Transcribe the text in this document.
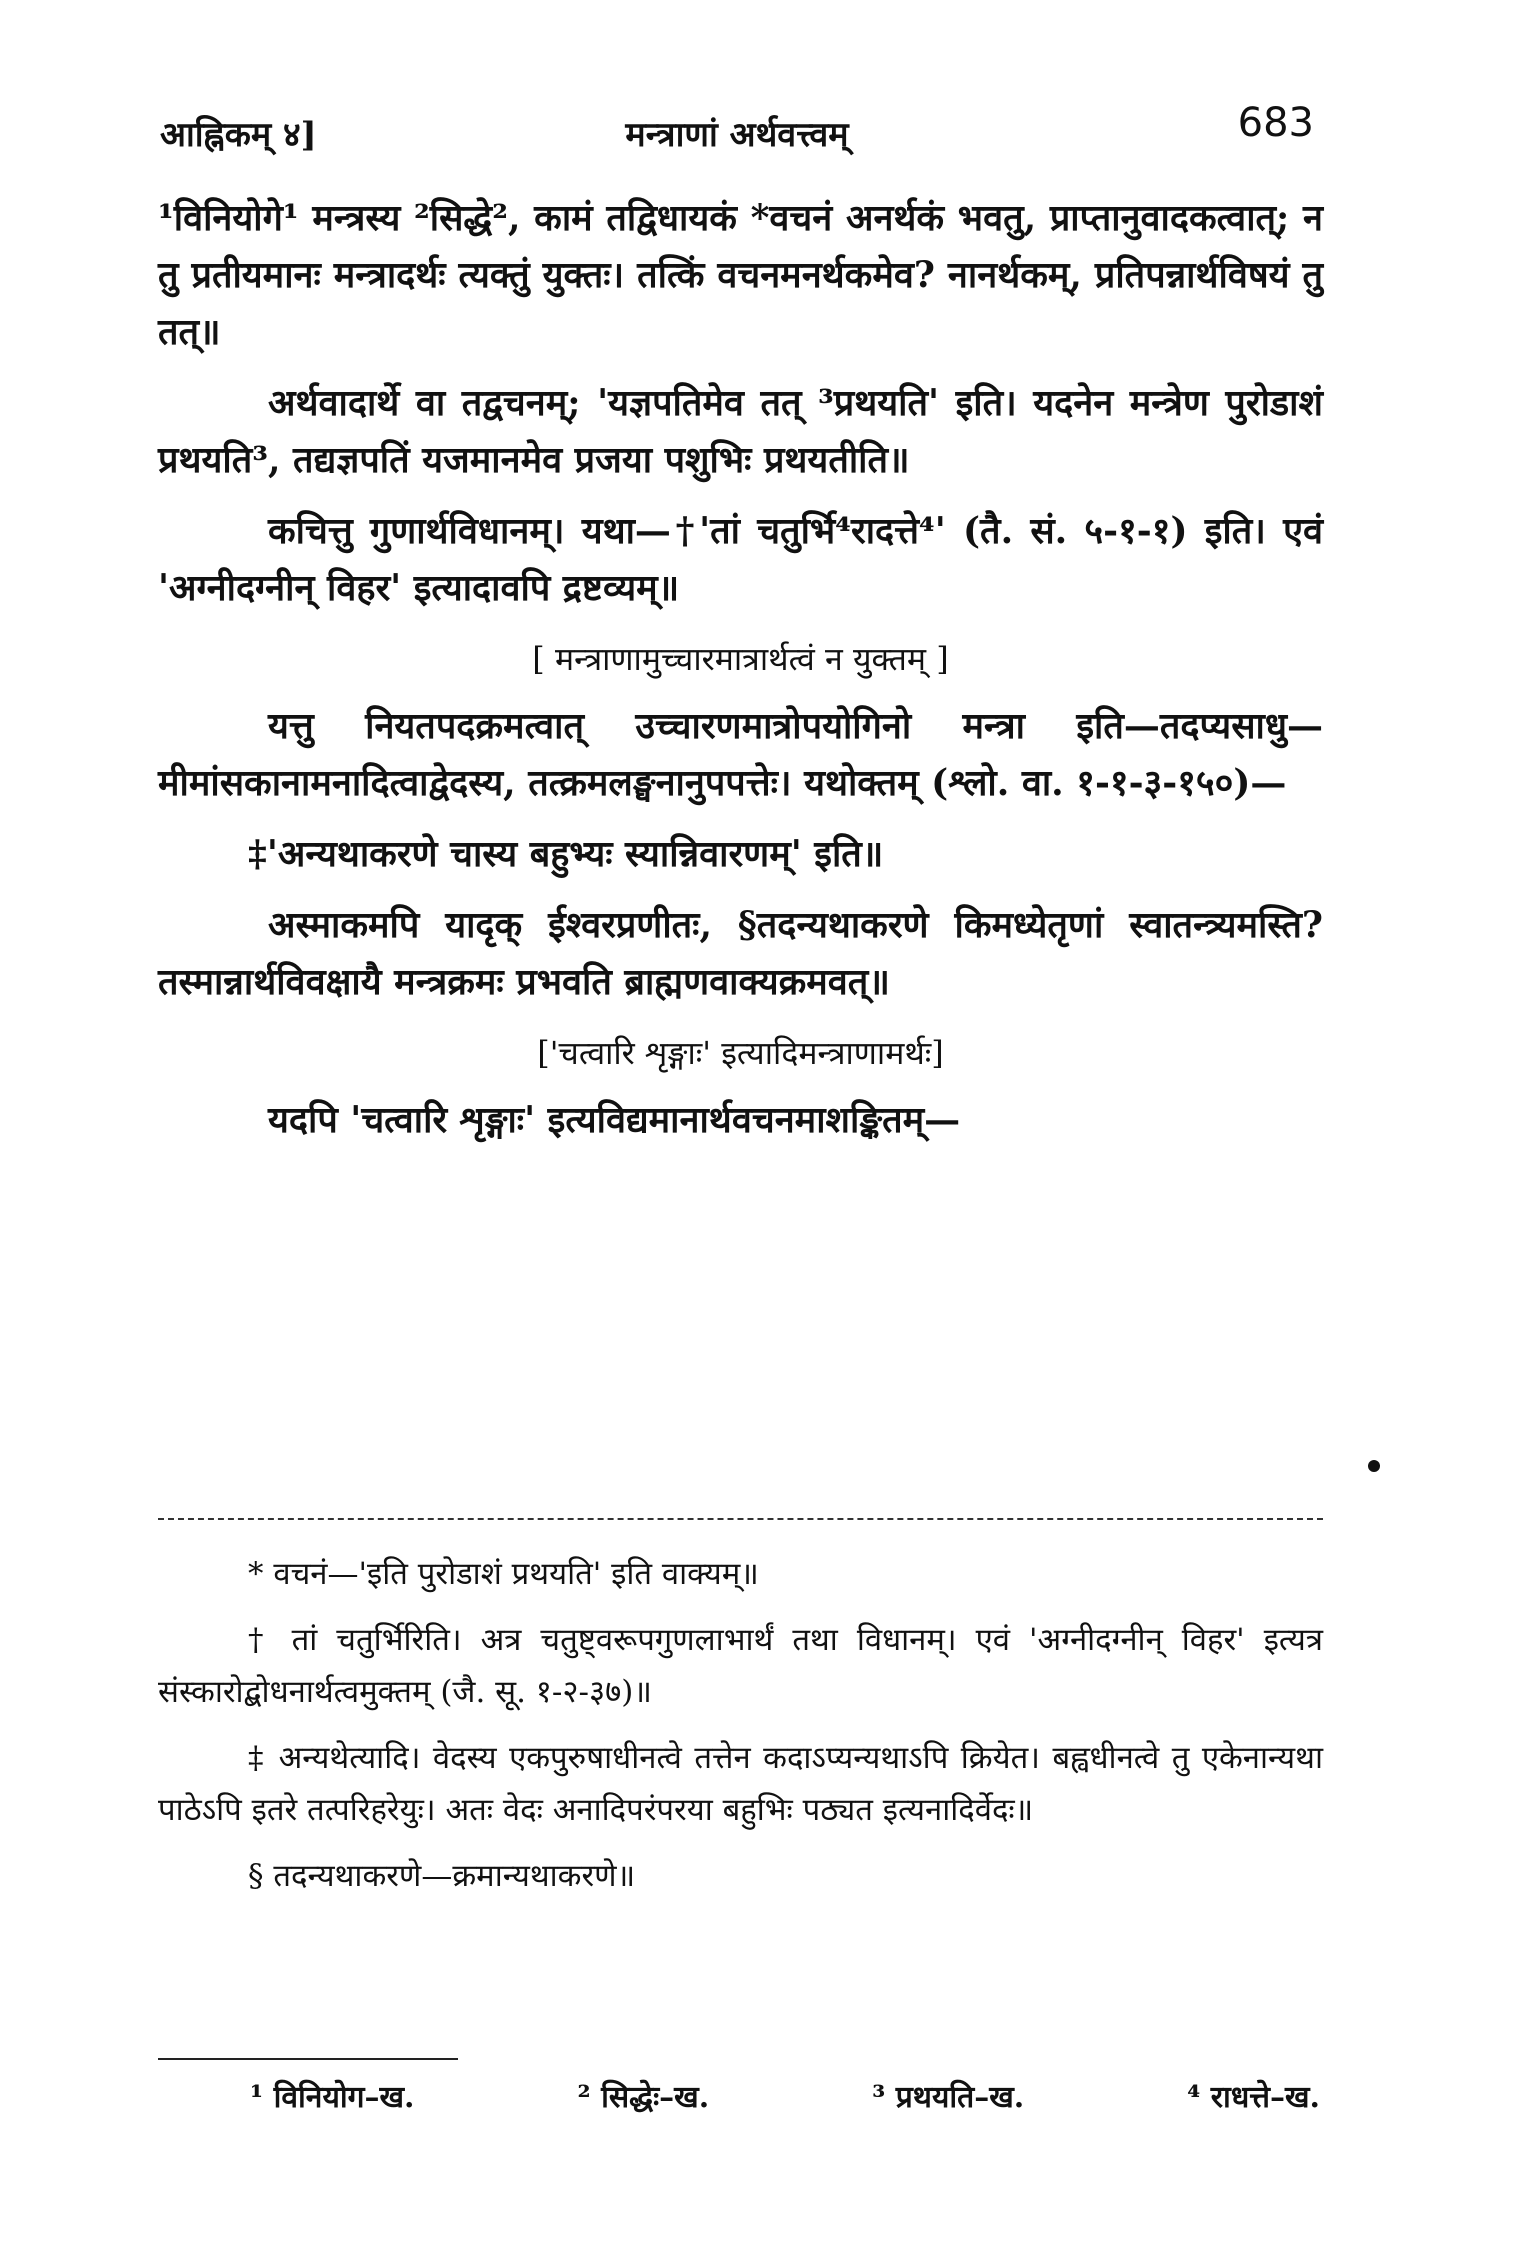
आह्निकम् ४]	मन्त्राणां अर्थवत्त्वम्	683

¹विनियोगे¹ मन्त्रस्य ²सिद्धे², कामं तद्विधायकं *वचनं अनर्थकं भवतु, प्राप्तानुवादकत्वात्; न तु प्रतीयमानः मन्त्रादर्थः त्यक्तुं युक्तः। तत्किं वचनमनर्थकमेव? नानर्थकम्, प्रतिपन्नार्थविषयं तु तत्॥

अर्थवादार्थे वा तद्वचनम्; 'यज्ञपतिमेव तत् ³प्रथयति' इति। यदनेन मन्त्रेण पुरोडाशं प्रथयति³, तद्यज्ञपतिं यजमानमेव प्रजया पशुभिः प्रथयतीति॥

कचित्तु गुणार्थविधानम्। यथा—†'तां चतुर्भि⁴रादत्ते⁴' (तै. सं. ५-१-१) इति। एवं 'अग्नीदग्नीन् विहर' इत्यादावपि द्रष्टव्यम्॥

[ मन्त्राणामुच्चारमात्रार्थत्वं न युक्तम् ]

यत्तु नियतपदक्रमत्वात् उच्चारणमात्रोपयोगिनो मन्त्रा इति—तदप्यसाधु—मीमांसकानामनादित्वाद्वेदस्य, तत्क्रमलङ्घनानुपपत्तेः। यथोक्तम् (श्लो. वा. १-१-३-१५०)—

‡'अन्यथाकरणे चास्य बहुभ्यः स्यान्निवारणम्' इति॥

अस्माकमपि यादृक् ईश्वरप्रणीतः, §तदन्यथाकरणे किमध्येतृणां स्वातन्त्र्यमस्ति? तस्मान्नार्थविवक्षायै मन्त्रक्रमः प्रभवति ब्राह्मणवाक्यक्रमवत्॥

['चत्वारि शृङ्गाः' इत्यादिमन्त्राणामर्थः]

यदपि 'चत्वारि शृङ्गाः' इत्यविद्यमानार्थवचनमाशङ्कितम्—

* वचनं—'इति पुरोडाशं प्रथयति' इति वाक्यम्॥

† तां चतुर्भिरिति। अत्र चतुष्ट्वरूपगुणलाभार्थं तथा विधानम्। एवं 'अग्नीदग्नीन् विहर' इत्यत्र संस्कारोद्बोधनार्थत्वमुक्तम् (जै. सू. १-२-३७)॥

‡ अन्यथेत्यादि। वेदस्य एकपुरुषाधीनत्वे तत्तेन कदाऽप्यन्यथाऽपि क्रियेत। बह्वधीनत्वे तु एकेनान्यथा पाठेऽपि इतरे तत्परिहरेयुः। अतः वेदः अनादिपरंपरया बहुभिः पठ्यत इत्यनादिर्वेदः॥

§ तदन्यथाकरणे—क्रमान्यथाकरणे॥

¹ विनियोग–ख.	² सिद्धेः–ख.	³ प्रथयति–ख.	⁴ राधत्ते–ख.
